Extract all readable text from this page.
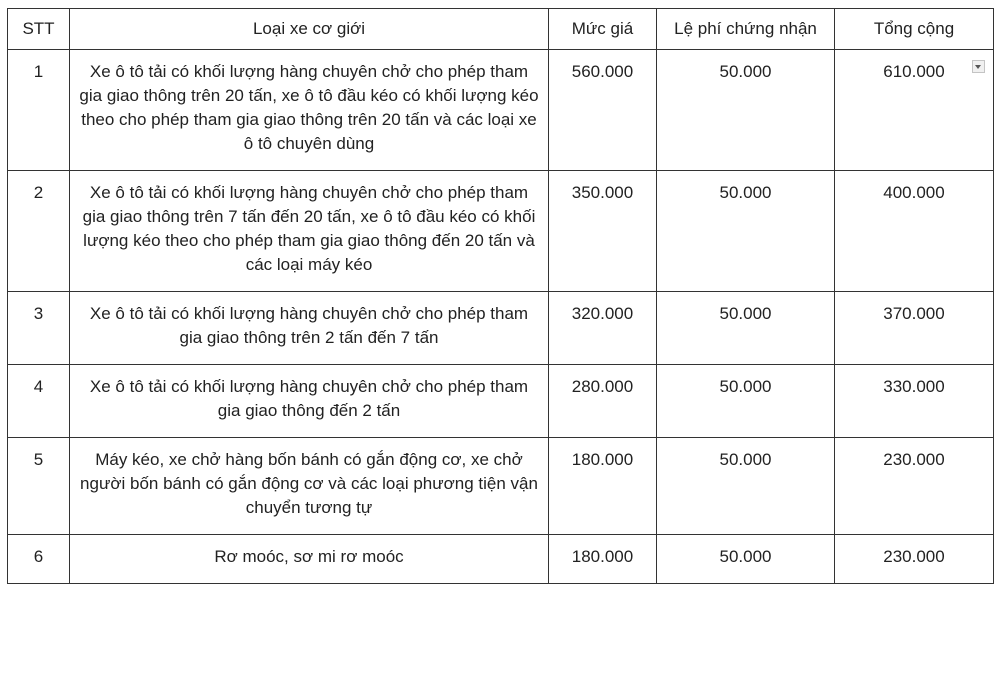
STT	Loại xe cơ giới	Mức giá	Lệ phí chứng nhận	Tổng cộng
1	Xe ô tô tải có khối lượng hàng chuyên chở cho phép tham gia giao thông trên 20 tấn, xe ô tô đầu kéo có khối lượng kéo theo cho phép tham gia giao thông trên 20 tấn và các loại xe ô tô chuyên dùng	560.000	50.000	610.000

2	Xe ô tô tải có khối lượng hàng chuyên chở cho phép tham gia giao thông trên 7 tấn đến 20 tấn, xe ô tô đầu kéo có khối lượng kéo theo cho phép tham gia giao thông đến 20 tấn và các loại máy kéo	350.000	50.000	400.000
3	Xe ô tô tải có khối lượng hàng chuyên chở cho phép tham gia giao thông trên 2 tấn đến 7 tấn	320.000	50.000	370.000
4	Xe ô tô tải có khối lượng hàng chuyên chở cho phép tham gia giao thông đến 2 tấn	280.000	50.000	330.000
5	Máy kéo, xe chở hàng bốn bánh có gắn động cơ, xe chở người bốn bánh có gắn động cơ và các loại phương tiện vận chuyển tương tự	180.000	50.000	230.000
6	Rơ moóc, sơ mi rơ moóc	180.000	50.000	230.000
